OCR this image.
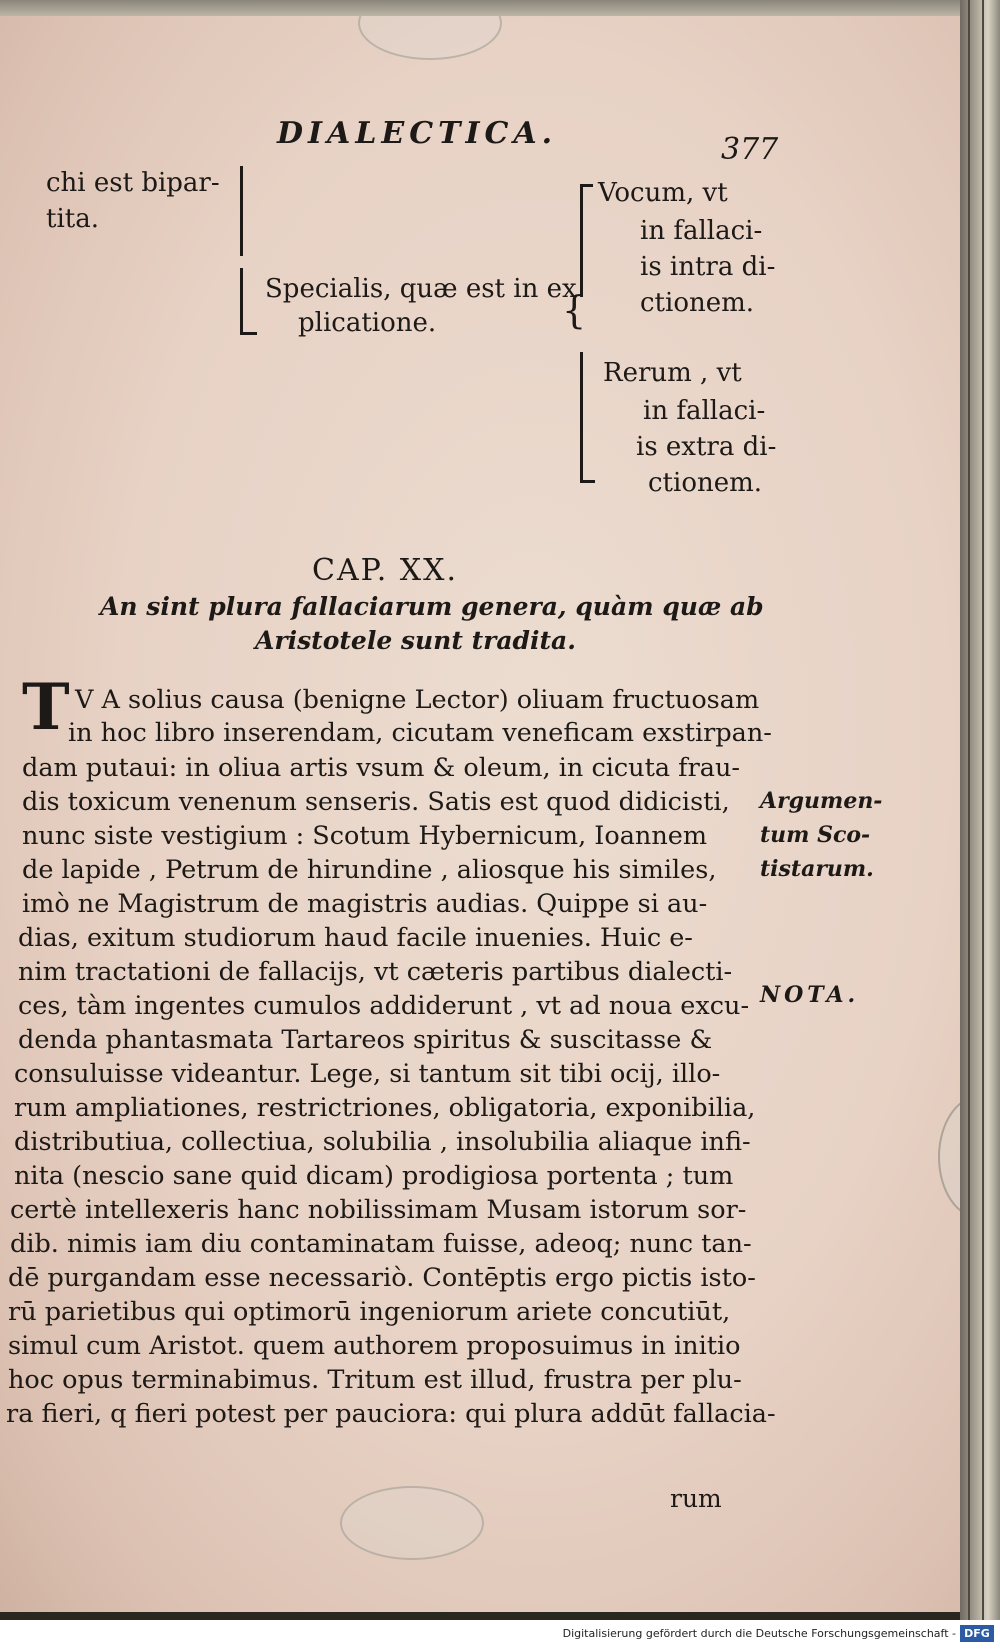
DIALECTICA.	377
chi est bipar-
tita.
Specialis, quæ est in ex
plicatione.	{
Vocum, vt
in fallaci-
is intra di-
ctionem.
Rerum , vt
in fallaci-
is extra di-
ctionem.
CAP. XX.
An sint plura fallaciarum genera, quàm quæ ab
Aristotele sunt tradita.
T V A solius causa (benigne Lector) oliuam fructuosam
in hoc libro inserendam, cicutam veneficam exstirpan-
dam putaui: in oliua artis vsum & oleum, in cicuta frau-
dis toxicum venenum senseris. Satis est quod didicisti,
nunc siste vestigium : Scotum Hybernicum, Ioannem
de lapide , Petrum de hirundine , aliosque his similes,
imò ne Magistrum de magistris audias. Quippe si au-
dias, exitum studiorum haud facile inuenies. Huic e-
nim tractationi de fallacijs, vt cæteris partibus dialecti-
ces, tàm ingentes cumulos addiderunt , vt ad noua excu-
denda phantasmata Tartareos spiritus & suscitasse &
consuluisse videantur. Lege, si tantum sit tibi ocij, illo-
rum ampliationes, restrictriones, obligatoria, exponibilia,
distributiua, collectiua, solubilia , insolubilia aliaque infi-
nita (nescio sane quid dicam) prodigiosa portenta ; tum
certè intellexeris hanc nobilissimam Musam istorum sor-
dib. nimis iam diu contaminatam fuisse, adeoq; nunc tan-
dē purgandam esse necessariò. Contēptis ergo pictis isto-
rū parietibus qui optimorū ingeniorum ariete concutiūt,
simul cum Aristot. quem authorem proposuimus in initio
hoc opus terminabimus. Tritum est illud, frustra per plu-
ra fieri, q fieri potest per pauciora: qui plura addūt fallacia-
rum
Argumen-
tum Sco-
tistarum.
NOTA.
Digitalisierung gefördert durch die Deutsche Forschungsgemeinschaft - DFG
